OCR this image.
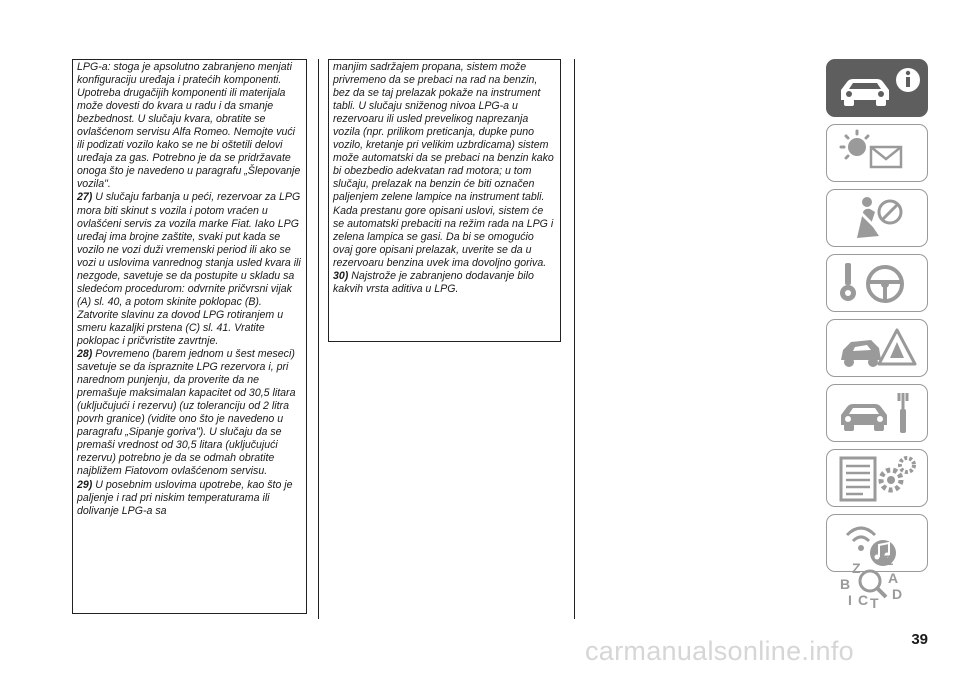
LPG-a: stoga je apsolutno zabranjeno menjati konfiguraciju uređaja i pratećih komponenti. Upotreba drugačijih komponenti ili materijala može dovesti do kvara u radu i da smanje bezbednost. U slučaju kvara, obratite se ovlašćenom servisu Alfa Romeo. Nemojte vući ili podizati vozilo kako se ne bi oštetili delovi uređaja za gas. Potrebno je da se pridržavate onoga što je navedeno u paragrafu „Šlepovanje vozila".

27) U slučaju farbanja u peći, rezervoar za LPG mora biti skinut s vozila i potom vraćen u ovlašćeni servis za vozila marke Fiat. Iako LPG uređaj ima brojne zaštite, svaki put kada se vozilo ne vozi duži vremenski period ili ako se vozi u uslovima vanrednog stanja usled kvara ili nezgode, savetuje se da postupite u skladu sa sledećom procedurom: odvrnite pričvrsni vijak (A) sl. 40, a potom skinite poklopac (B). Zatvorite slavinu za dovod LPG rotiranjem u smeru kazaljki prstena (C) sl. 41. Vratite poklopac i pričvristite zavrtnje.

28) Povremeno (barem jednom u šest meseci) savetuje se da ispraznite LPG rezervora i, pri narednom punjenju, da proverite da ne premašuje maksimalan kapacitet od 30,5 litara (uključujući i rezervu) (uz toleranciju od 2 litra povrh granice) (vidite ono što je navedeno u paragrafu „Sipanje goriva"). U slučaju da se premaši vrednost od 30,5 litara (uključujući rezervu) potrebno je da se odmah obratite najbližem Fiatovom ovlašćenom servisu.

29) U posebnim uslovima upotrebe, kao što je paljenje i rad pri niskim temperaturama ili dolivanje LPG-a sa

manjim sadržajem propana, sistem može privremeno da se prebaci na rad na benzin, bez da se taj prelazak pokaže na instrument tabli. U slučaju sniženog nivoa LPG-a u rezervoaru ili usled preveliкog naprezanja vozila (npr. prilikom preticanja, dupke puno vozilo, kretanje pri velikim uzbrdicama) sistem može automatski da se prebaci na benzin kako bi obezbedio adekvatan rad motora; u tom slučaju, prelazak na benzin će biti označen paljenjem zelene lampice na instrument tabli. Kada prestanu gore opisani uslovi, sistem će se automatski prebaciti na režim rada na LPG i zelena lampica se gasi. Da bi se omogućio ovaj gore opisani prelazak, uverite se da u rezervoaru benzina uvek ima dovoljno goriva.

30) Najstrože je zabranjeno dodavanje bilo kakvih vrsta aditiva u LPG.

Z E
B	A
I C T
D
39
carmanualsonline.info
